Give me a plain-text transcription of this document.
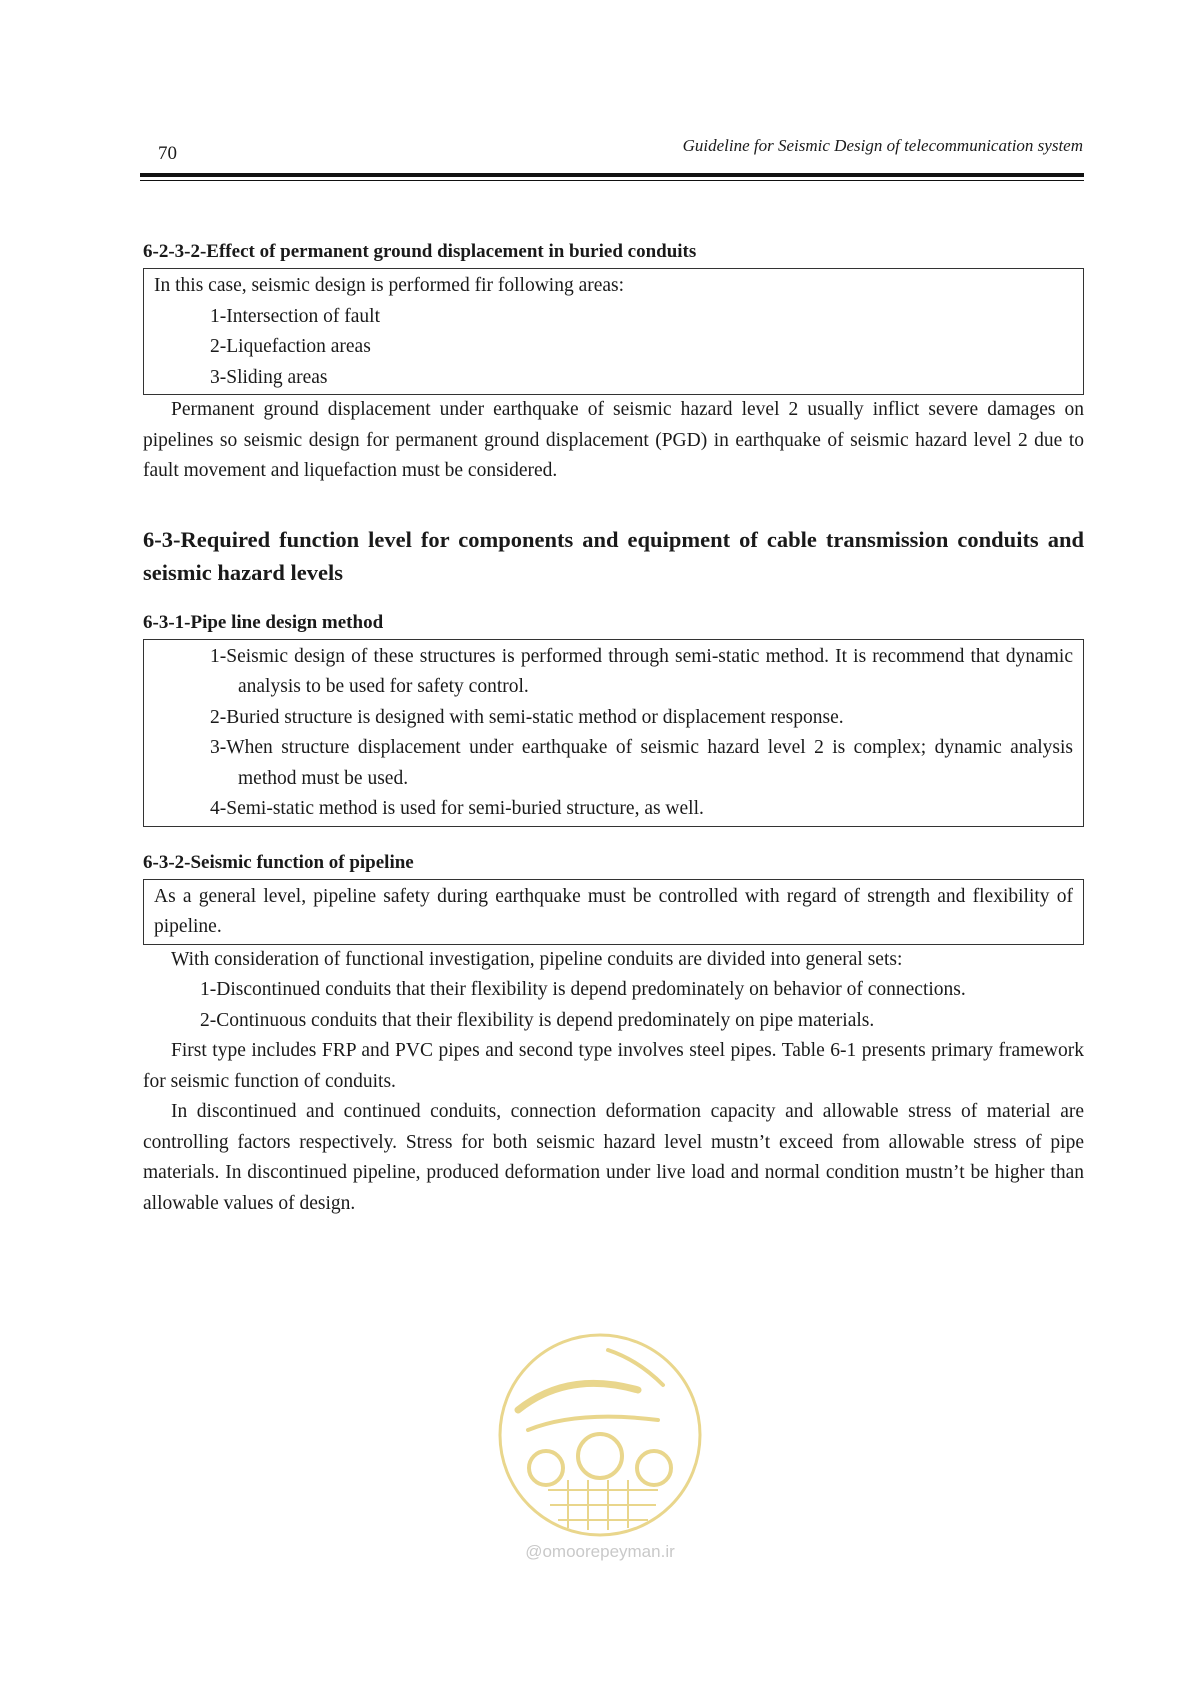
70	Guideline for Seismic Design of telecommunication system
6-2-3-2-Effect of permanent ground displacement in buried conduits

In this case, seismic design is performed fir following areas:

1-Intersection of fault

2-Liquefaction areas

3-Sliding areas

Permanent ground displacement under earthquake of seismic hazard level 2 usually inflict severe damages on pipelines so seismic design for permanent ground displacement (PGD) in earthquake of seismic hazard level 2 due to fault movement and liquefaction must be considered.

6-3-Required function level for components and equipment of cable transmission conduits and seismic hazard levels
6-3-1-Pipe line design method

1-Seismic design of these structures is performed through semi-static method. It is recommend that dynamic analysis to be used for safety control.

2-Buried structure is designed with semi-static method or displacement response.

3-When structure displacement under earthquake of seismic hazard level 2 is complex; dynamic analysis method must be used.

4-Semi-static method is used for semi-buried structure, as well.

6-3-2-Seismic function of pipeline

As a general level, pipeline safety during earthquake must be controlled with regard of strength and flexibility of pipeline.

With consideration of functional investigation, pipeline conduits are divided into general sets:

1-Discontinued conduits that their flexibility is depend predominately on behavior of connections.

2-Continuous conduits that their flexibility is depend predominately on pipe materials.

First type includes FRP and PVC pipes and second type involves steel pipes. Table 6-1 presents primary framework for seismic function of conduits.

In discontinued and continued conduits, connection deformation capacity and allowable stress of material are controlling factors respectively. Stress for both seismic hazard level mustn’t exceed from allowable stress of pipe materials. In discontinued pipeline, produced deformation under live load and normal condition mustn’t be higher than allowable values of design.

@omoorepeyman.ir
